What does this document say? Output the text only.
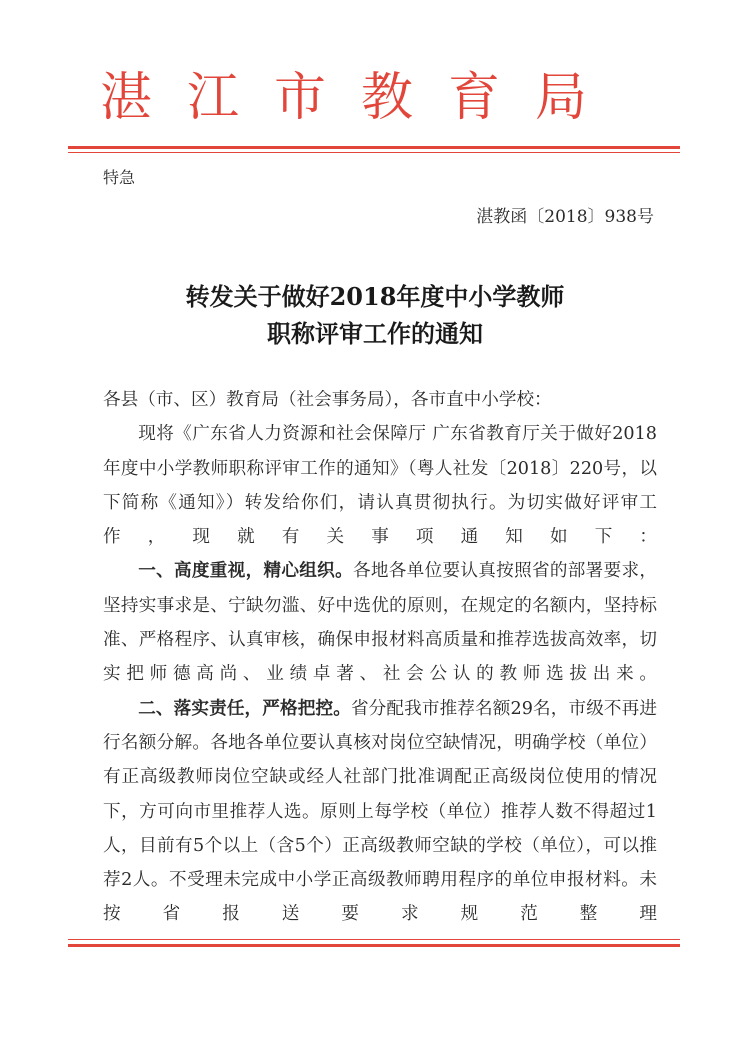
湛江市教育局
特急
湛教函〔2018〕938号
转发关于做好2018年度中小学教师
职称评审工作的通知

各县（市、区）教育局（社会事务局），各市直中小学校：

现将《广东省人力资源和社会保障厅 广东省教育厅关于做好2018年度中小学教师职称评审工作的通知》（粤人社发〔2018〕220号，以下简称《通知》）转发给你们，请认真贯彻执行。为切实做好评审工作，现就有关事项通知如下：

一、高度重视，精心组织。各地各单位要认真按照省的部署要求，坚持实事求是、宁缺勿滥、好中选优的原则，在规定的名额内，坚持标准、严格程序、认真审核，确保申报材料高质量和推荐选拔高效率，切实把师德高尚、业绩卓著、社会公认的教师选拔出来。

二、落实责任，严格把控。省分配我市推荐名额29名，市级不再进行名额分解。各地各单位要认真核对岗位空缺情况，明确学校（单位）有正高级教师岗位空缺或经人社部门批准调配正高级岗位使用的情况下，方可向市里推荐人选。原则上每学校（单位）推荐人数不得超过1人，目前有5个以上（含5个）正高级教师空缺的学校（单位），可以推荐2人。不受理未完成中小学正高级教师聘用程序的单位申报材料。未按省报送要求规范整理
